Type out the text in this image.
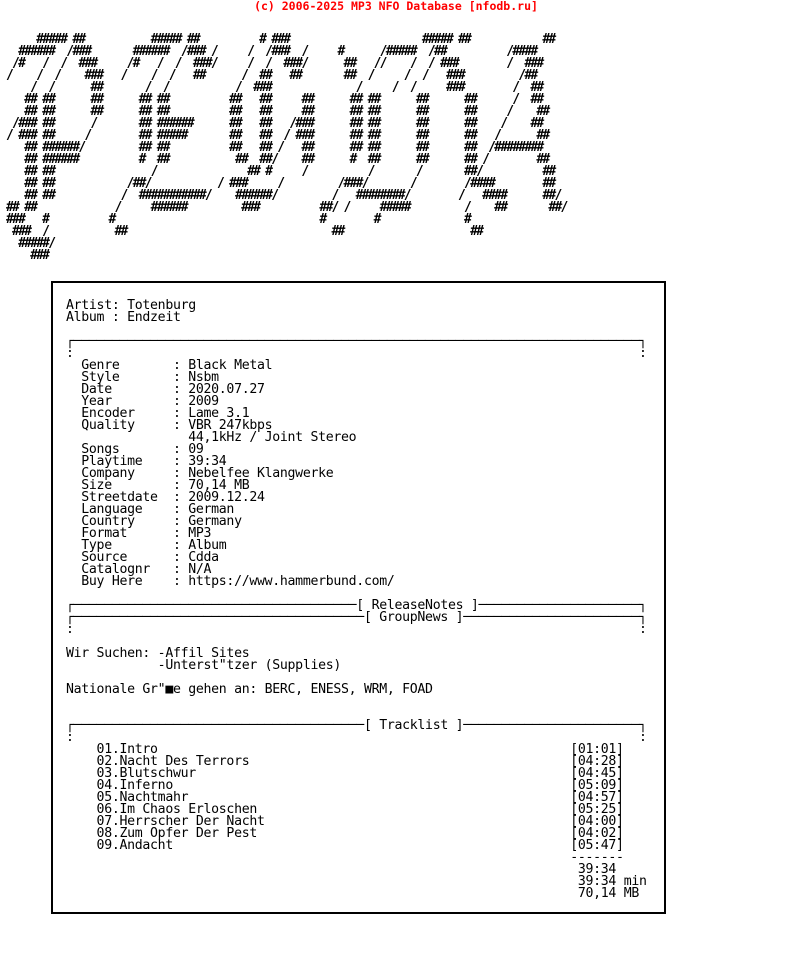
(c) 2006-2025 MP3 NFO Database [nfodb.ru]
##### ##           ##### ##          # ###                      ##### ##            ##
######  /###       ######  /### /     /  /###  /     #      /#####  /##          /####
/#   /  /  ###     /#   /  /  ###/     /  /  ###/      ##   //    /  / ###        /  ###
/    /  /    ###   /    /  /   ##      /  ##   ##       ##  /     /  /   ###         /##
/  /      ##       /  /           /  ###              /     /  /     ###        /  ##
## ##      ##      ## ##          ##   ##     ##      ## ##      ##      ##      /  ##
## ##      ##      ## ##          ##   ##     ##      ## ##      ##      ##     /    ##
/### ##      /       ## ######      ##   ##   /###      ## ##      ##      ##    /    ##
/ ### ##     /        ## #####       ##   ##  / ###      ## ##      ##      ##   /      ##
## ######/         ## ##          ##   ## /   ##      ## ##      ##      ##  /########
## ######          #  ##           ##  ##/    ##      #  ##      ##      ## /        ##
## ##                /               ## #     /          /       /       ##/          ##
## ##            /##/           / ###     /         /###/       /        /####        ##
## ##           /  ###########/    ######/         /   ########/        /   ####      ##/
## ##             /     ######         ###          ##/ /     #####         /    ##       ##/
###   #          #                                  #        #              #
###  /           ##                                  ##                     ##
#####/
###
Artist: Totenburg
Album : Endzeit

┌──────────────────────────────────────────────────────────────────────────┐
:                                                                          :
Genre       : Black Metal
Style       : Nsbm
Date        : 2020.07.27
Year        : 2009
Encoder     : Lame 3.1
Quality     : VBR 247kbps
44,1kHz / Joint Stereo
Songs       : 09
Playtime    : 39:34
Company     : Nebelfee Klangwerke
Size        : 70,14 MB
Streetdate  : 2009.12.24
Language    : German
Country     : Germany
Format      : MP3
Type        : Album
Source      : Cdda
Catalognr   : N/A
Buy Here    : https://www.hammerbund.com/

┌─────────────────────────────────────[ ReleaseNotes ]─────────────────────┐
┌──────────────────────────────────────[ GroupNews ]───────────────────────┐
:                                                                          :

Wir Suchen: -Affil Sites
-Unterst"tzer (Supplies)

Nationale Gr"■e gehen an: BERC, ENESS, WRM, FOAD

┌──────────────────────────────────────[ Tracklist ]───────────────────────┐
:                                                                          :
01.Intro                                                      [01:01]
02.Nacht Des Terrors                                          [04:28]
03.Blutschwur                                                 [04:45]
04.Inferno                                                    [05:09]
05.Nachtmahr                                                  [04:57]
06.Im Chaos Erloschen                                         [05:25]
07.Herrscher Der Nacht                                        [04:00]
08.Zum Opfer Der Pest                                         [04:02]
09.Andacht                                                    [05:47]
-------
39:34
39:34 min
70,14 MB
